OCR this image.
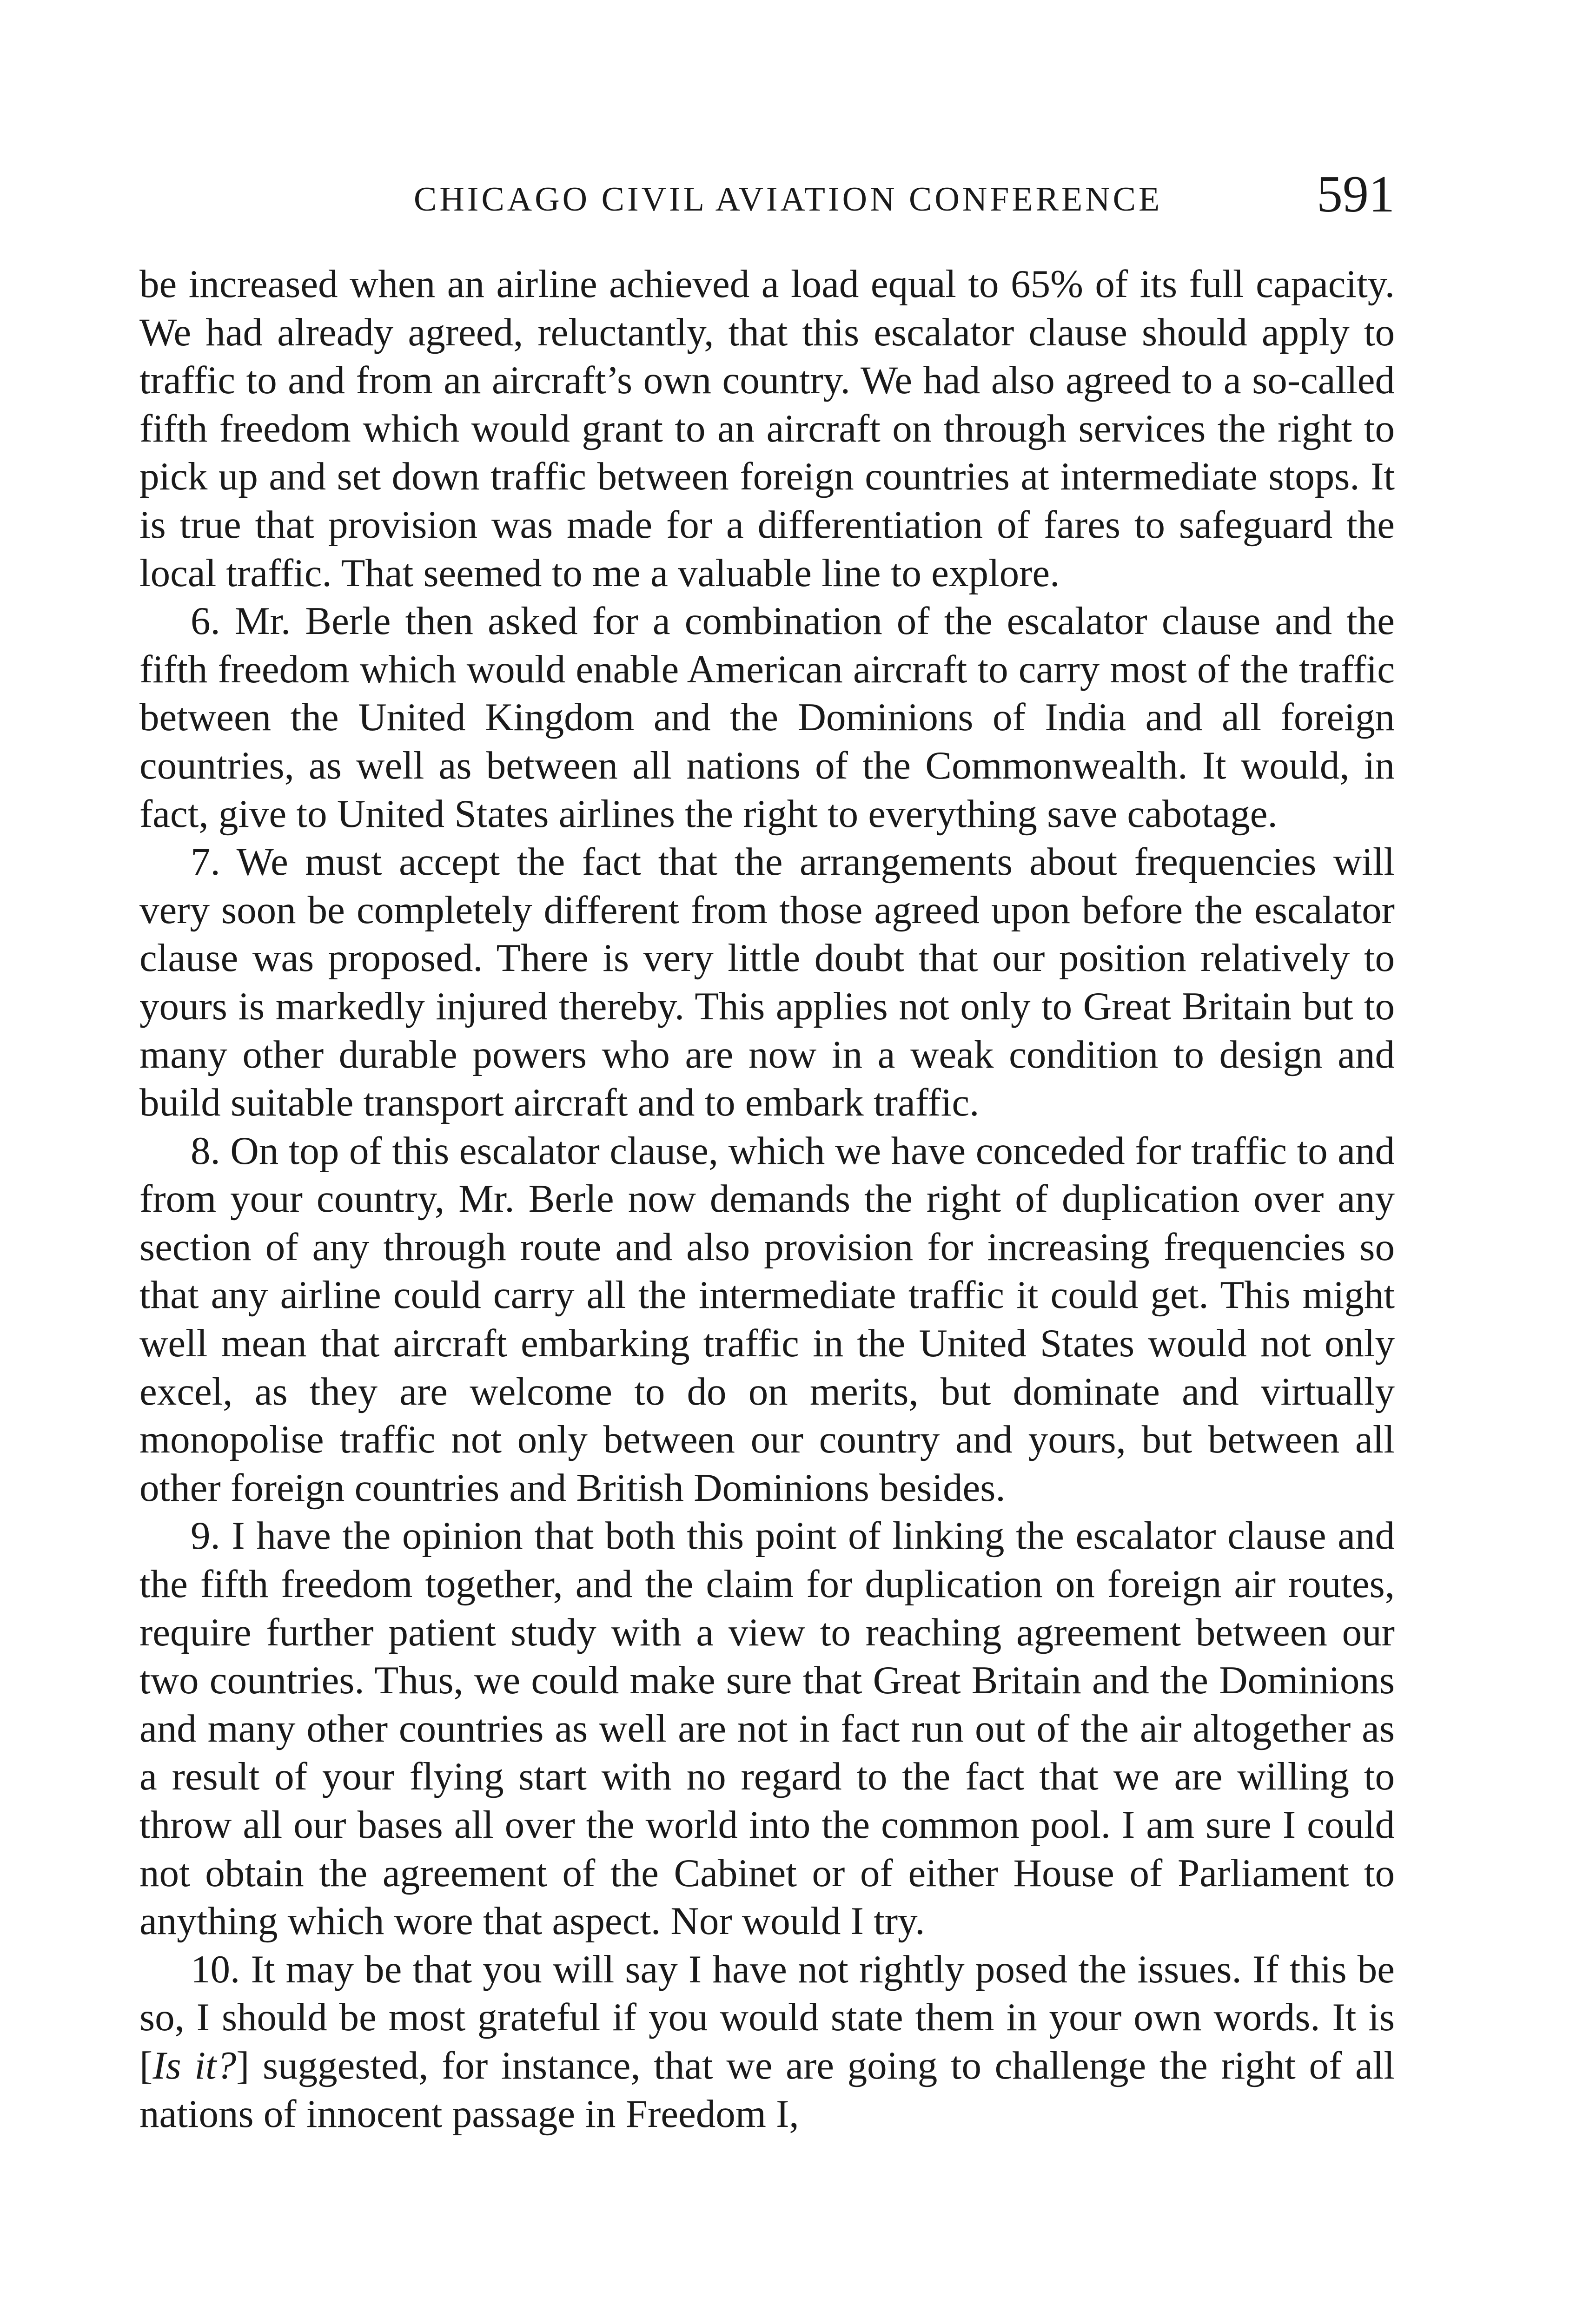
CHICAGO CIVIL AVIATION CONFERENCE	591

be increased when an airline achieved a load equal to 65% of its full capacity. We had already agreed, reluctantly, that this escalator clause should apply to traffic to and from an aircraft’s own country. We had also agreed to a so-called fifth freedom which would grant to an aircraft on through services the right to pick up and set down traffic between foreign countries at intermediate stops. It is true that provision was made for a differentiation of fares to safeguard the local traffic. That seemed to me a valuable line to explore.

6. Mr. Berle then asked for a combination of the escalator clause and the fifth freedom which would enable American aircraft to carry most of the traffic between the United Kingdom and the Dominions of India and all foreign countries, as well as between all nations of the Commonwealth. It would, in fact, give to United States airlines the right to everything save cabotage.

7. We must accept the fact that the arrangements about frequencies will very soon be completely different from those agreed upon before the escalator clause was proposed. There is very little doubt that our position relatively to yours is markedly injured thereby. This applies not only to Great Britain but to many other durable powers who are now in a weak condition to design and build suitable transport aircraft and to embark traffic.

8. On top of this escalator clause, which we have conceded for traffic to and from your country, Mr. Berle now demands the right of duplication over any section of any through route and also provision for increasing frequencies so that any airline could carry all the intermediate traffic it could get. This might well mean that aircraft embarking traffic in the United States would not only excel, as they are welcome to do on merits, but dominate and virtually monopolise traffic not only between our country and yours, but between all other foreign countries and British Dominions besides.

9. I have the opinion that both this point of linking the escalator clause and the fifth freedom together, and the claim for duplication on foreign air routes, require further patient study with a view to reaching agreement between our two countries. Thus, we could make sure that Great Britain and the Dominions and many other countries as well are not in fact run out of the air altogether as a result of your flying start with no regard to the fact that we are willing to throw all our bases all over the world into the common pool. I am sure I could not obtain the agreement of the Cabinet or of either House of Parliament to anything which wore that aspect. Nor would I try.

10. It may be that you will say I have not rightly posed the issues. If this be so, I should be most grateful if you would state them in your own words. It is [Is it?] suggested, for instance, that we are going to challenge the right of all nations of innocent passage in Freedom I,
